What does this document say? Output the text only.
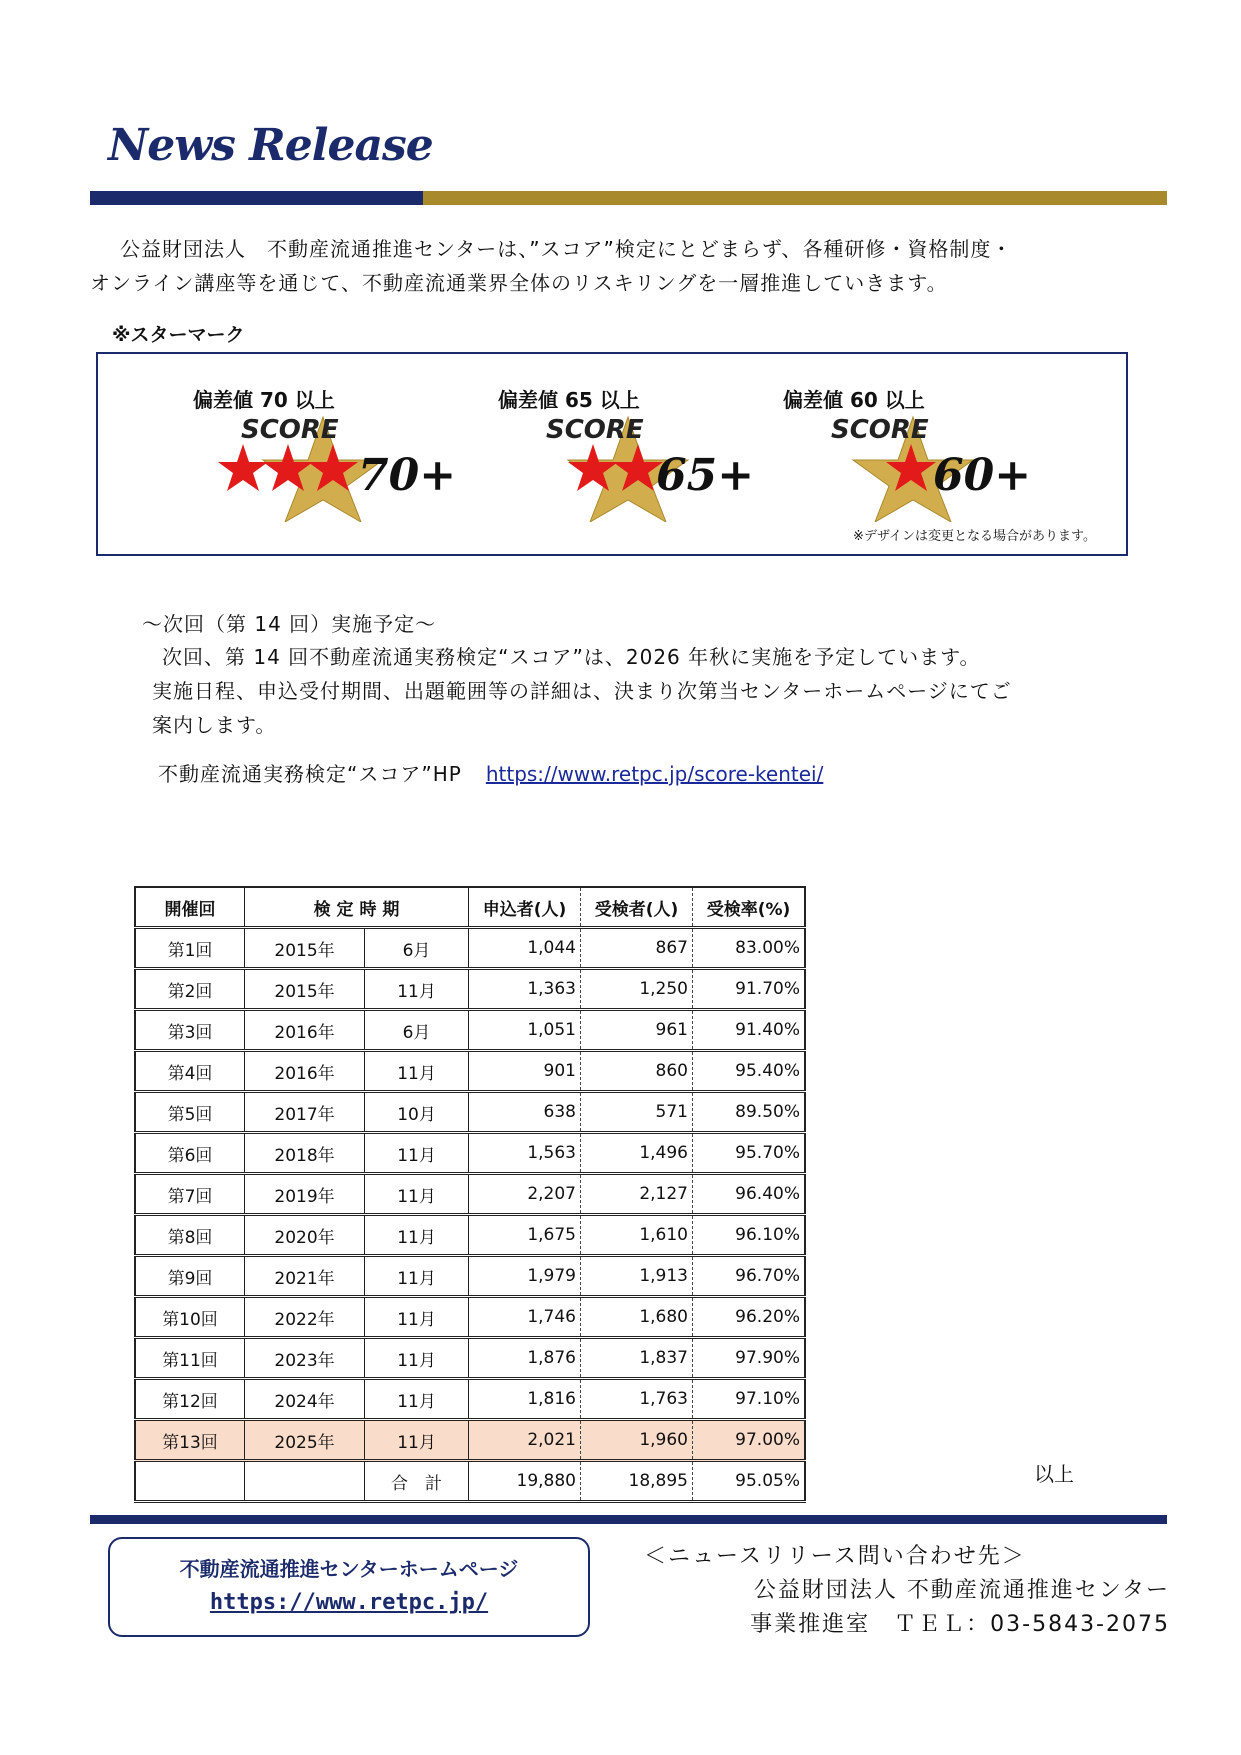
News Release

公益財団法人　不動産流通推進センターは、”スコア”検定にとどまらず、各種研修・資格制度・

オンライン講座等を通じて、不動産流通業界全体のリスキリングを一層推進していきます。

※スターマーク
偏差値 70 以上
SCORE
70+
偏差値 65 以上
SCORE
65+
偏差値 60 以上
SCORE
60+
※デザインは変更となる場合があります。
～次回（第 14 回）実施予定～

次回、第 14 回不動産流通実務検定“スコア”は、2026 年秋に実施を予定しています。

実施日程、申込受付期間、出題範囲等の詳細は、決まり次第当センターホームページにてご

案内します。

不動産流通実務検定“スコア”HP https://www.retpc.jp/score-kentei/
開催回	検 定 時 期		申込者(人)	受検者(人)	受検率(%)
第1回	2015年	6月	1,044	867	83.00%
第2回	2015年	11月	1,363	1,250	91.70%
第3回	2016年	6月	1,051	961	91.40%
第4回	2016年	11月	901	860	95.40%
第5回	2017年	10月	638	571	89.50%
第6回	2018年	11月	1,563	1,496	95.70%
第7回	2019年	11月	2,207	2,127	96.40%
第8回	2020年	11月	1,675	1,610	96.10%
第9回	2021年	11月	1,979	1,913	96.70%
第10回	2022年	11月	1,746	1,680	96.20%
第11回	2023年	11月	1,876	1,837	97.90%
第12回	2024年	11月	1,816	1,763	97.10%
第13回	2025年	11月	2,021	1,960	97.00%
		合　計	19,880	18,895	95.05%	以上
不動産流通推進センターホームページ
https://www.retpc.jp/
＜ニュースリリース問い合わせ先＞
公益財団法人 不動産流通推進センター
事業推進室　ＴＥＬ：03-5843-2075
